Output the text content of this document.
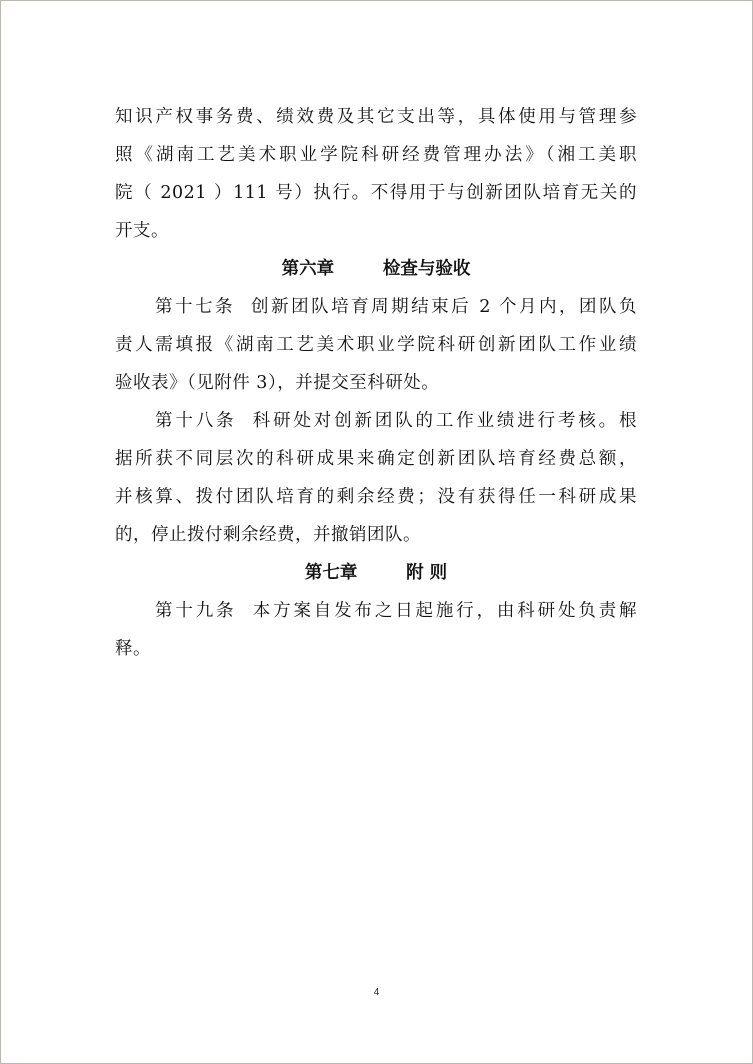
知识产权事务费、绩效费及其它支出等，具体使用与管理参
照《湖南工艺美术职业学院科研经费管理办法》（湘工美职
院（ 2021 ）111 号）执行。不得用于与创新团队培育无关的
开支。
第六章        检查与验收
第十七条 创新团队培育周期结束后 2 个月内，团队负
责人需填报《湖南工艺美术职业学院科研创新团队工作业绩
验收表》（见附件 3），并提交至科研处。
第十八条 科研处对创新团队的工作业绩进行考核。根
据所获不同层次的科研成果来确定创新团队培育经费总额，
并核算、拨付团队培育的剩余经费；没有获得任一科研成果
的，停止拨付剩余经费，并撤销团队。
第七章        附 则
第十九条 本方案自发布之日起施行，由科研处负责解
释。
4
